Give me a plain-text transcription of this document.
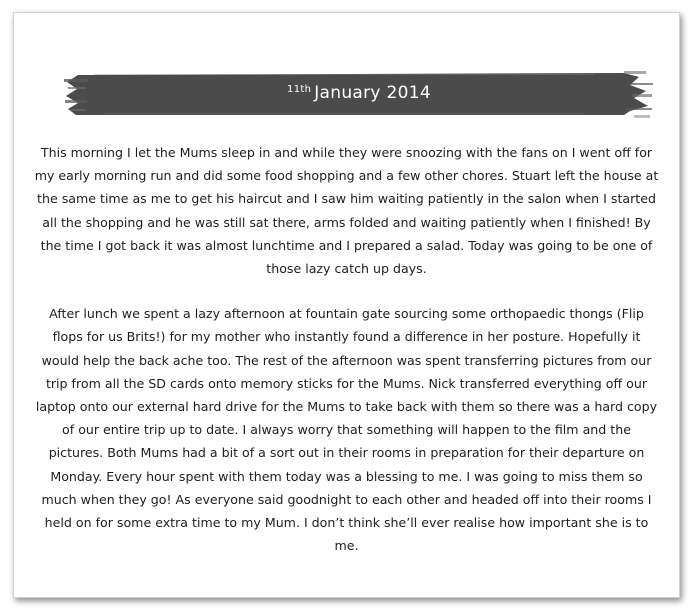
$^{11th}$ January 2014

This morning I let the Mums sleep in and while they were snoozing with the fans on I went off for my early morning run and did some food shopping and a few other chores. Stuart left the house at the same time as me to get his haircut and I saw him waiting patiently in the salon when I started all the shopping and he was still sat there, arms folded and waiting patiently when I finished! By the time I got back it was almost lunchtime and I prepared a salad. Today was going to be one of those lazy catch up days.

After lunch we spent a lazy afternoon at fountain gate sourcing some orthopaedic thongs (Flip flops for us Brits!) for my mother who instantly found a difference in her posture. Hopefully it would help the back ache too. The rest of the afternoon was spent transferring pictures from our trip from all the SD cards onto memory sticks for the Mums. Nick transferred everything off our laptop onto our external hard drive for the Mums to take back with them so there was a hard copy of our entire trip up to date. I always worry that something will happen to the film and the pictures. Both Mums had a bit of a sort out in their rooms in preparation for their departure on Monday. Every hour spent with them today was a blessing to me. I was going to miss them so much when they go! As everyone said goodnight to each other and headed off into their rooms I held on for some extra time to my Mum. I don’t think she’ll ever realise how important she is to me.
